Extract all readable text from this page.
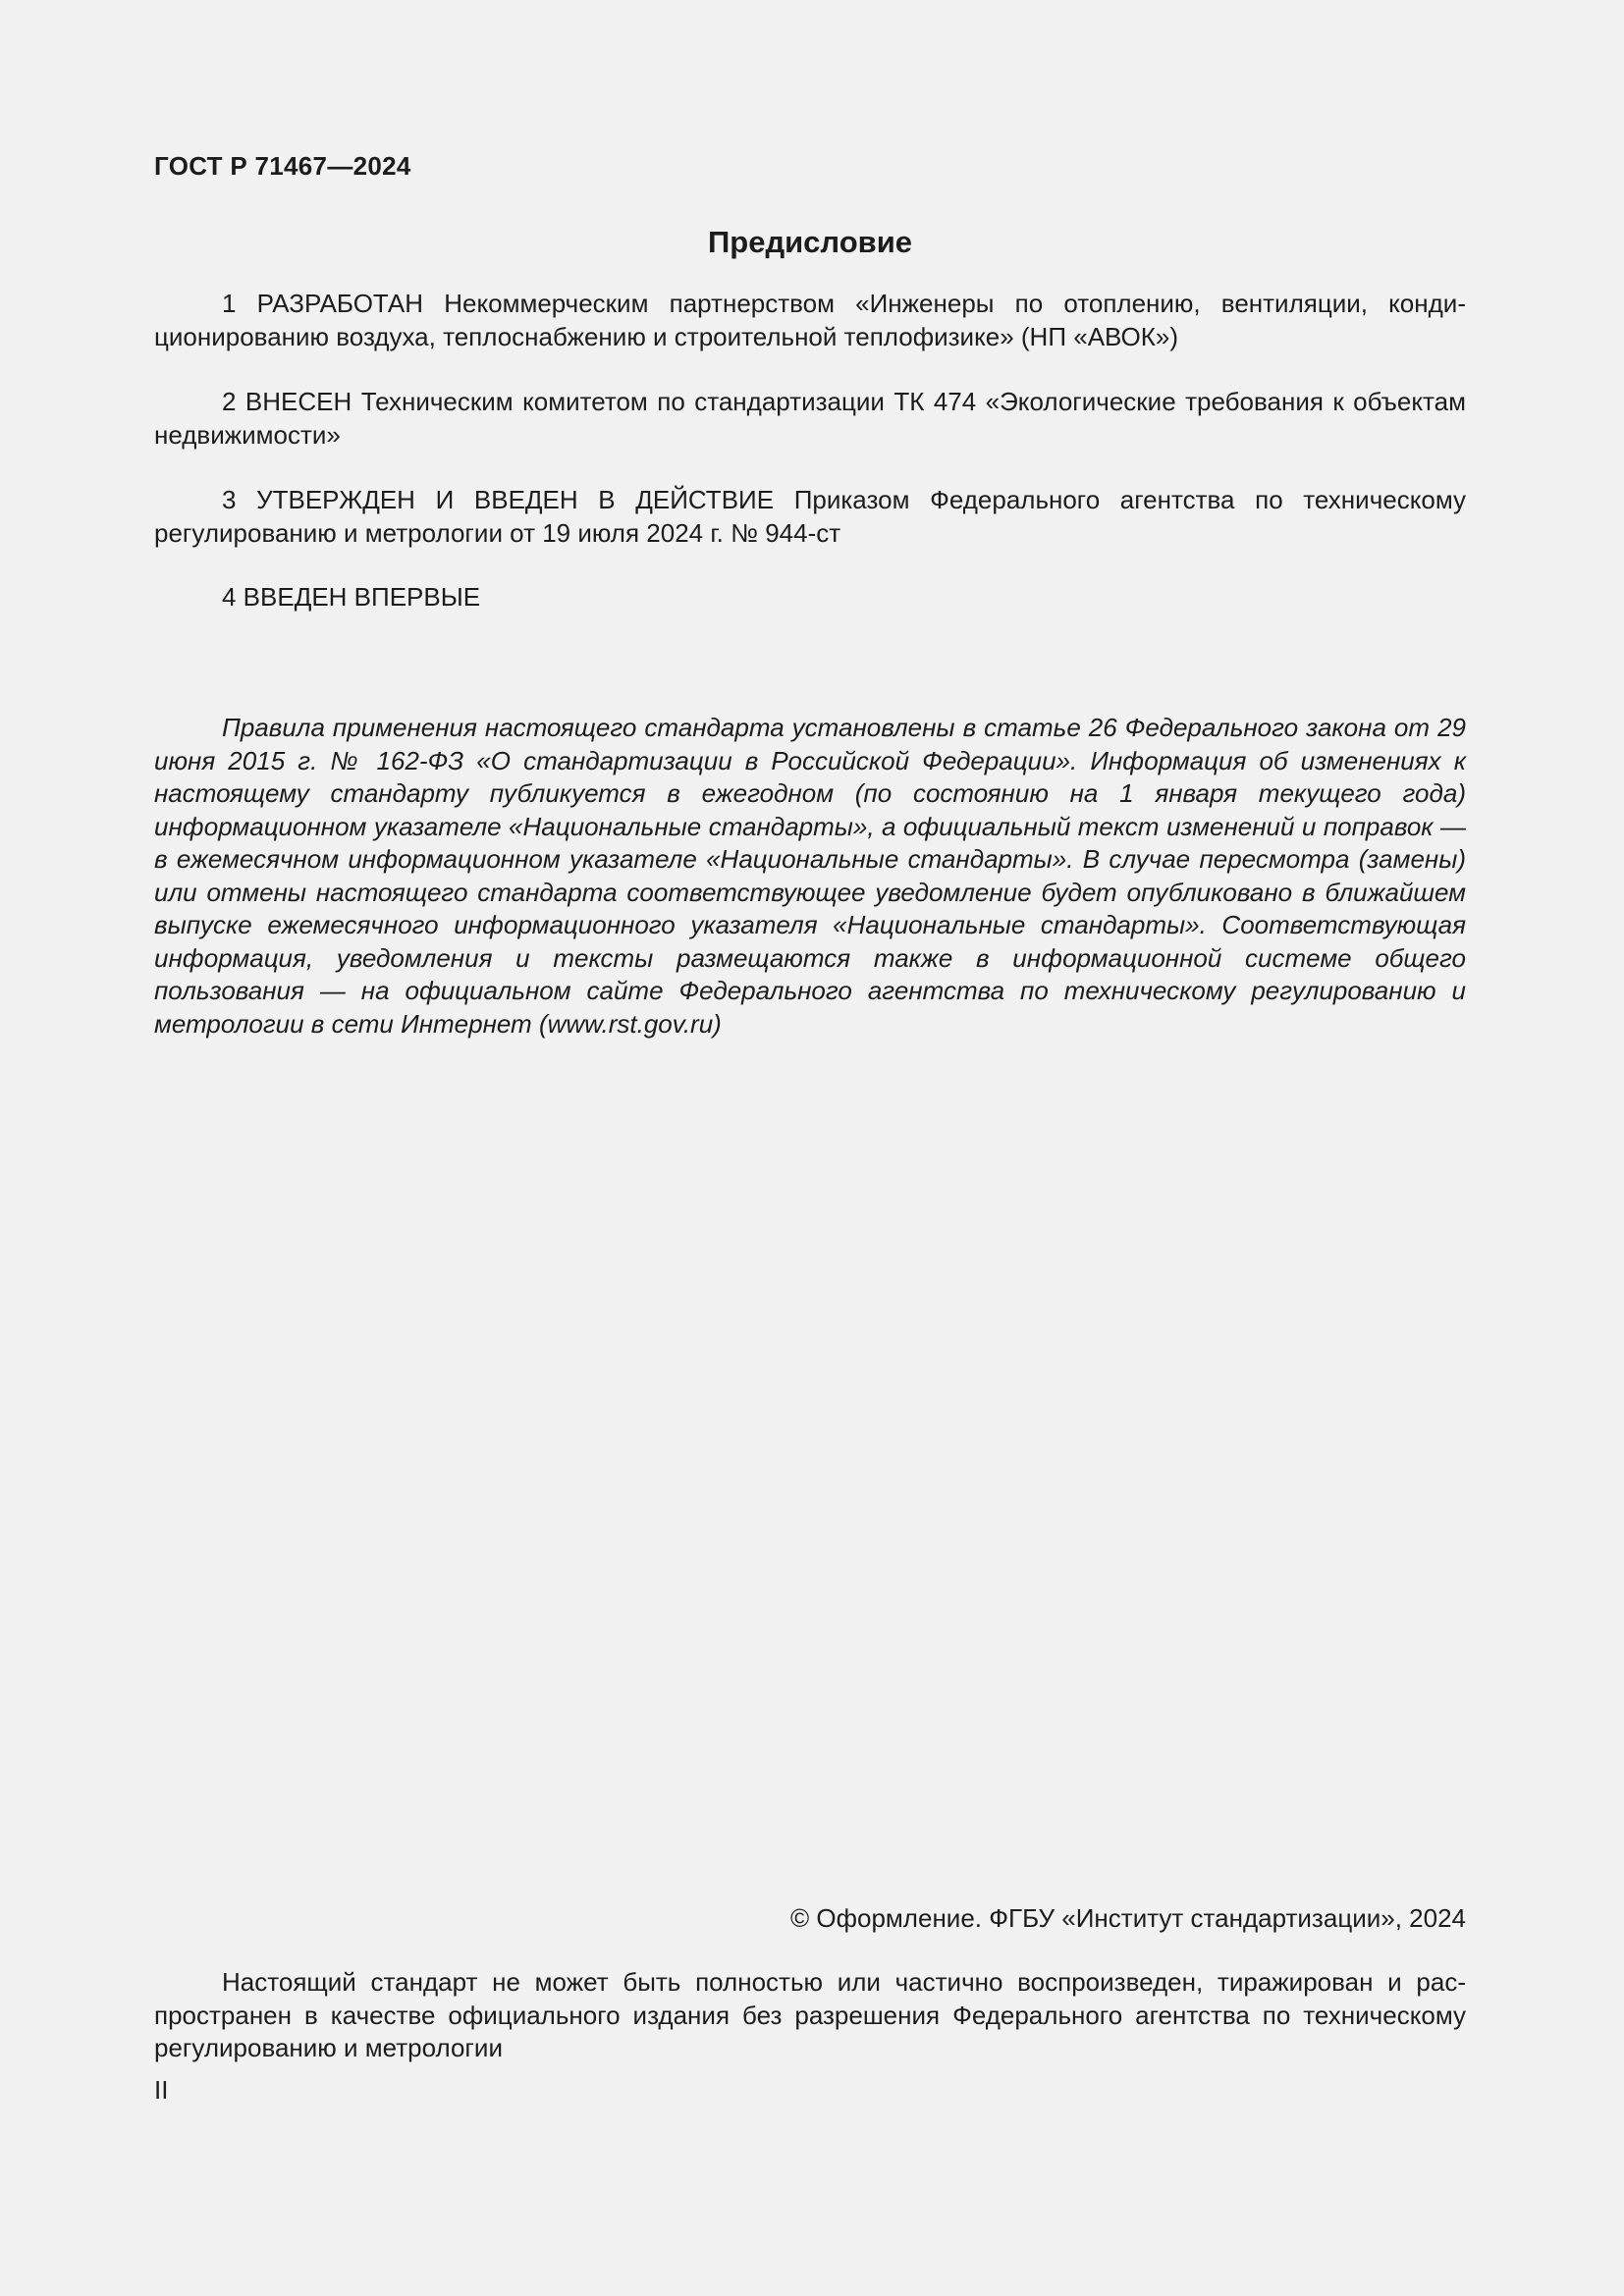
ГОСТ Р 71467—2024
Предисловие

1 РАЗРАБОТАН Некоммерческим партнерством «Инженеры по отоплению, вентиляции, кондиционированию воздуха, теплоснабжению и строительной теплофизике» (НП «АВОК»)

2 ВНЕСЕН Техническим комитетом по стандартизации ТК 474 «Экологические требования к объектам недвижимости»

3 УТВЕРЖДЕН И ВВЕДЕН В ДЕЙСТВИЕ Приказом Федерального агентства по техническому регулированию и метрологии от 19 июля 2024 г. № 944-ст

4 ВВЕДЕН ВПЕРВЫЕ

Правила применения настоящего стандарта установлены в статье 26 Федерального закона от 29 июня 2015 г. № 162-ФЗ «О стандартизации в Российской Федерации». Информация об изменениях к настоящему стандарту публикуется в ежегодном (по состоянию на 1 января текущего года) информационном указателе «Национальные стандарты», а официальный текст изменений и поправок — в ежемесячном информационном указателе «Национальные стандарты». В случае пересмотра (замены) или отмены настоящего стандарта соответствующее уведомление будет опубликовано в ближайшем выпуске ежемесячного информационного указателя «Национальные стандарты». Соответствующая информация, уведомления и тексты размещаются также в информационной системе общего пользования — на официальном сайте Федерального агентства по техническому регулированию и метрологии в сети Интернет (www.rst.gov.ru)

© Оформление. ФГБУ «Институт стандартизации», 2024

Настоящий стандарт не может быть полностью или частично воспроизведен, тиражирован и распространен в качестве официального издания без разрешения Федерального агентства по техническому регулированию и метрологии

II
